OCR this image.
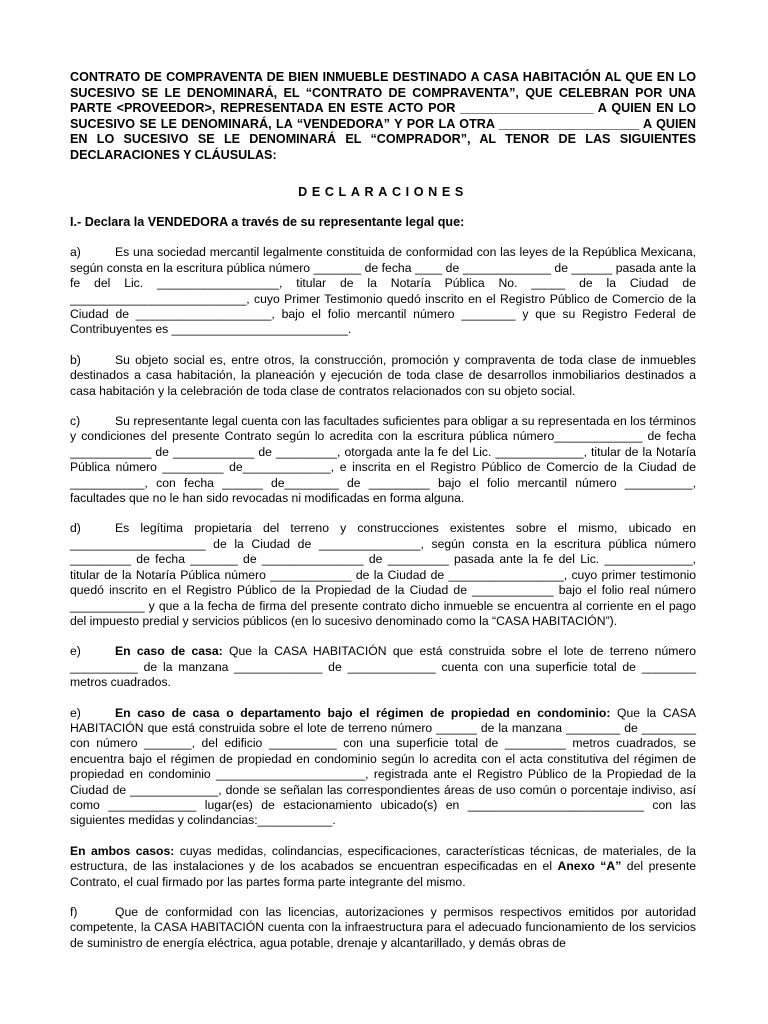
CONTRATO DE COMPRAVENTA DE BIEN INMUEBLE DESTINADO A CASA HABITACIÓN AL QUE EN LO SUCESIVO SE LE DENOMINARÁ, EL “CONTRATO DE COMPRAVENTA”, QUE CELEBRAN POR UNA PARTE <PROVEEDOR>, REPRESENTADA EN ESTE ACTO POR ___________________ A QUIEN EN LO SUCESIVO SE LE DENOMINARÁ, LA “VENDEDORA” Y POR LA OTRA ____________________ A QUIEN EN LO SUCESIVO SE LE DENOMINARÁ EL “COMPRADOR”, AL TENOR DE LAS SIGUIENTES DECLARACIONES Y CLÁUSULAS:

DECLARACIONES

I.- Declara la VENDEDORA a través de su representante legal que:

a)	Es una sociedad mercantil legalmente constituida de conformidad con las leyes de la República Mexicana, según consta en la escritura pública número _______ de fecha ____ de _____________ de ______ pasada ante la fe del Lic. __________________, titular de la Notaría Pública No. _____ de la Ciudad de __________________________, cuyo Primer Testimonio quedó inscrito en el Registro Público de Comercio de la Ciudad de ____________________, bajo el folio mercantil número ________ y que su Registro Federal de Contribuyentes es __________________________.

b)	Su objeto social es, entre otros, la construcción, promoción y compraventa de toda clase de inmuebles destinados a casa habitación, la planeación y ejecución de toda clase de desarrollos inmobiliarios destinados a casa habitación y la celebración de toda clase de contratos relacionados con su objeto social.

c)	Su representante legal cuenta con las facultades suficientes para obligar a su representada en los términos y condiciones del presente Contrato según lo acredita con la escritura pública número_____________ de fecha ____________ de ____________ de _________, otorgada ante la fe del Lic. _____________, titular de la Notaría Pública número _________ de_____________, e inscrita en el Registro Público de Comercio de la Ciudad de ___________, con fecha ______ de________ de _________ bajo el folio mercantil número __________, facultades que no le han sido revocadas ni modificadas en forma alguna.

d)	Es legítima propietaria del terreno y construcciones existentes sobre el mismo, ubicado en ____________________ de la Ciudad de _______________, según consta en la escritura pública número _________ de fecha _______ de _______________ de _________ pasada ante la fe del Lic. _____________, titular de la Notaría Pública número ____________ de la Ciudad de _________________, cuyo primer testimonio quedó inscrito en el Registro Público de la Propiedad de la Ciudad de ____________ bajo el folio real número ___________ y que a la fecha de firma del presente contrato dicho inmueble se encuentra al corriente en el pago del impuesto predial y servicios públicos (en lo sucesivo denominado como la “CASA HABITACIÓN”).

e)	En caso de casa: Que la CASA HABITACIÓN que está construida sobre el lote de terreno número __________ de la manzana _____________ de _____________ cuenta con una superficie total de ________ metros cuadrados.

e)	En caso de casa o departamento bajo el régimen de propiedad en condominio: Que la CASA HABITACIÓN que está construida sobre el lote de terreno número ______ de la manzana ________ de ________ con número _______, del edificio __________ con una superficie total de _________ metros cuadrados, se encuentra bajo el régimen de propiedad en condominio según lo acredita con el acta constitutiva del régimen de propiedad en condominio ______________________, registrada ante el Registro Público de la Propiedad de la Ciudad de _____________, donde se señalan las correspondientes áreas de uso común o porcentaje indiviso, así como _____________ lugar(es) de estacionamiento ubicado(s) en __________________________ con las siguientes medidas y colindancias:___________.

En ambos casos: cuyas medidas, colindancias, especificaciones, características técnicas, de materiales, de la estructura, de las instalaciones y de los acabados se encuentran especificadas en el Anexo “A” del presente Contrato, el cual firmado por las partes forma parte integrante del mismo.

f)	Que de conformidad con las licencias, autorizaciones y permisos respectivos emitidos por autoridad competente, la CASA HABITACIÓN cuenta con la infraestructura para el adecuado funcionamiento de los servicios de suministro de energía eléctrica, agua potable, drenaje y alcantarillado, y demás obras de
